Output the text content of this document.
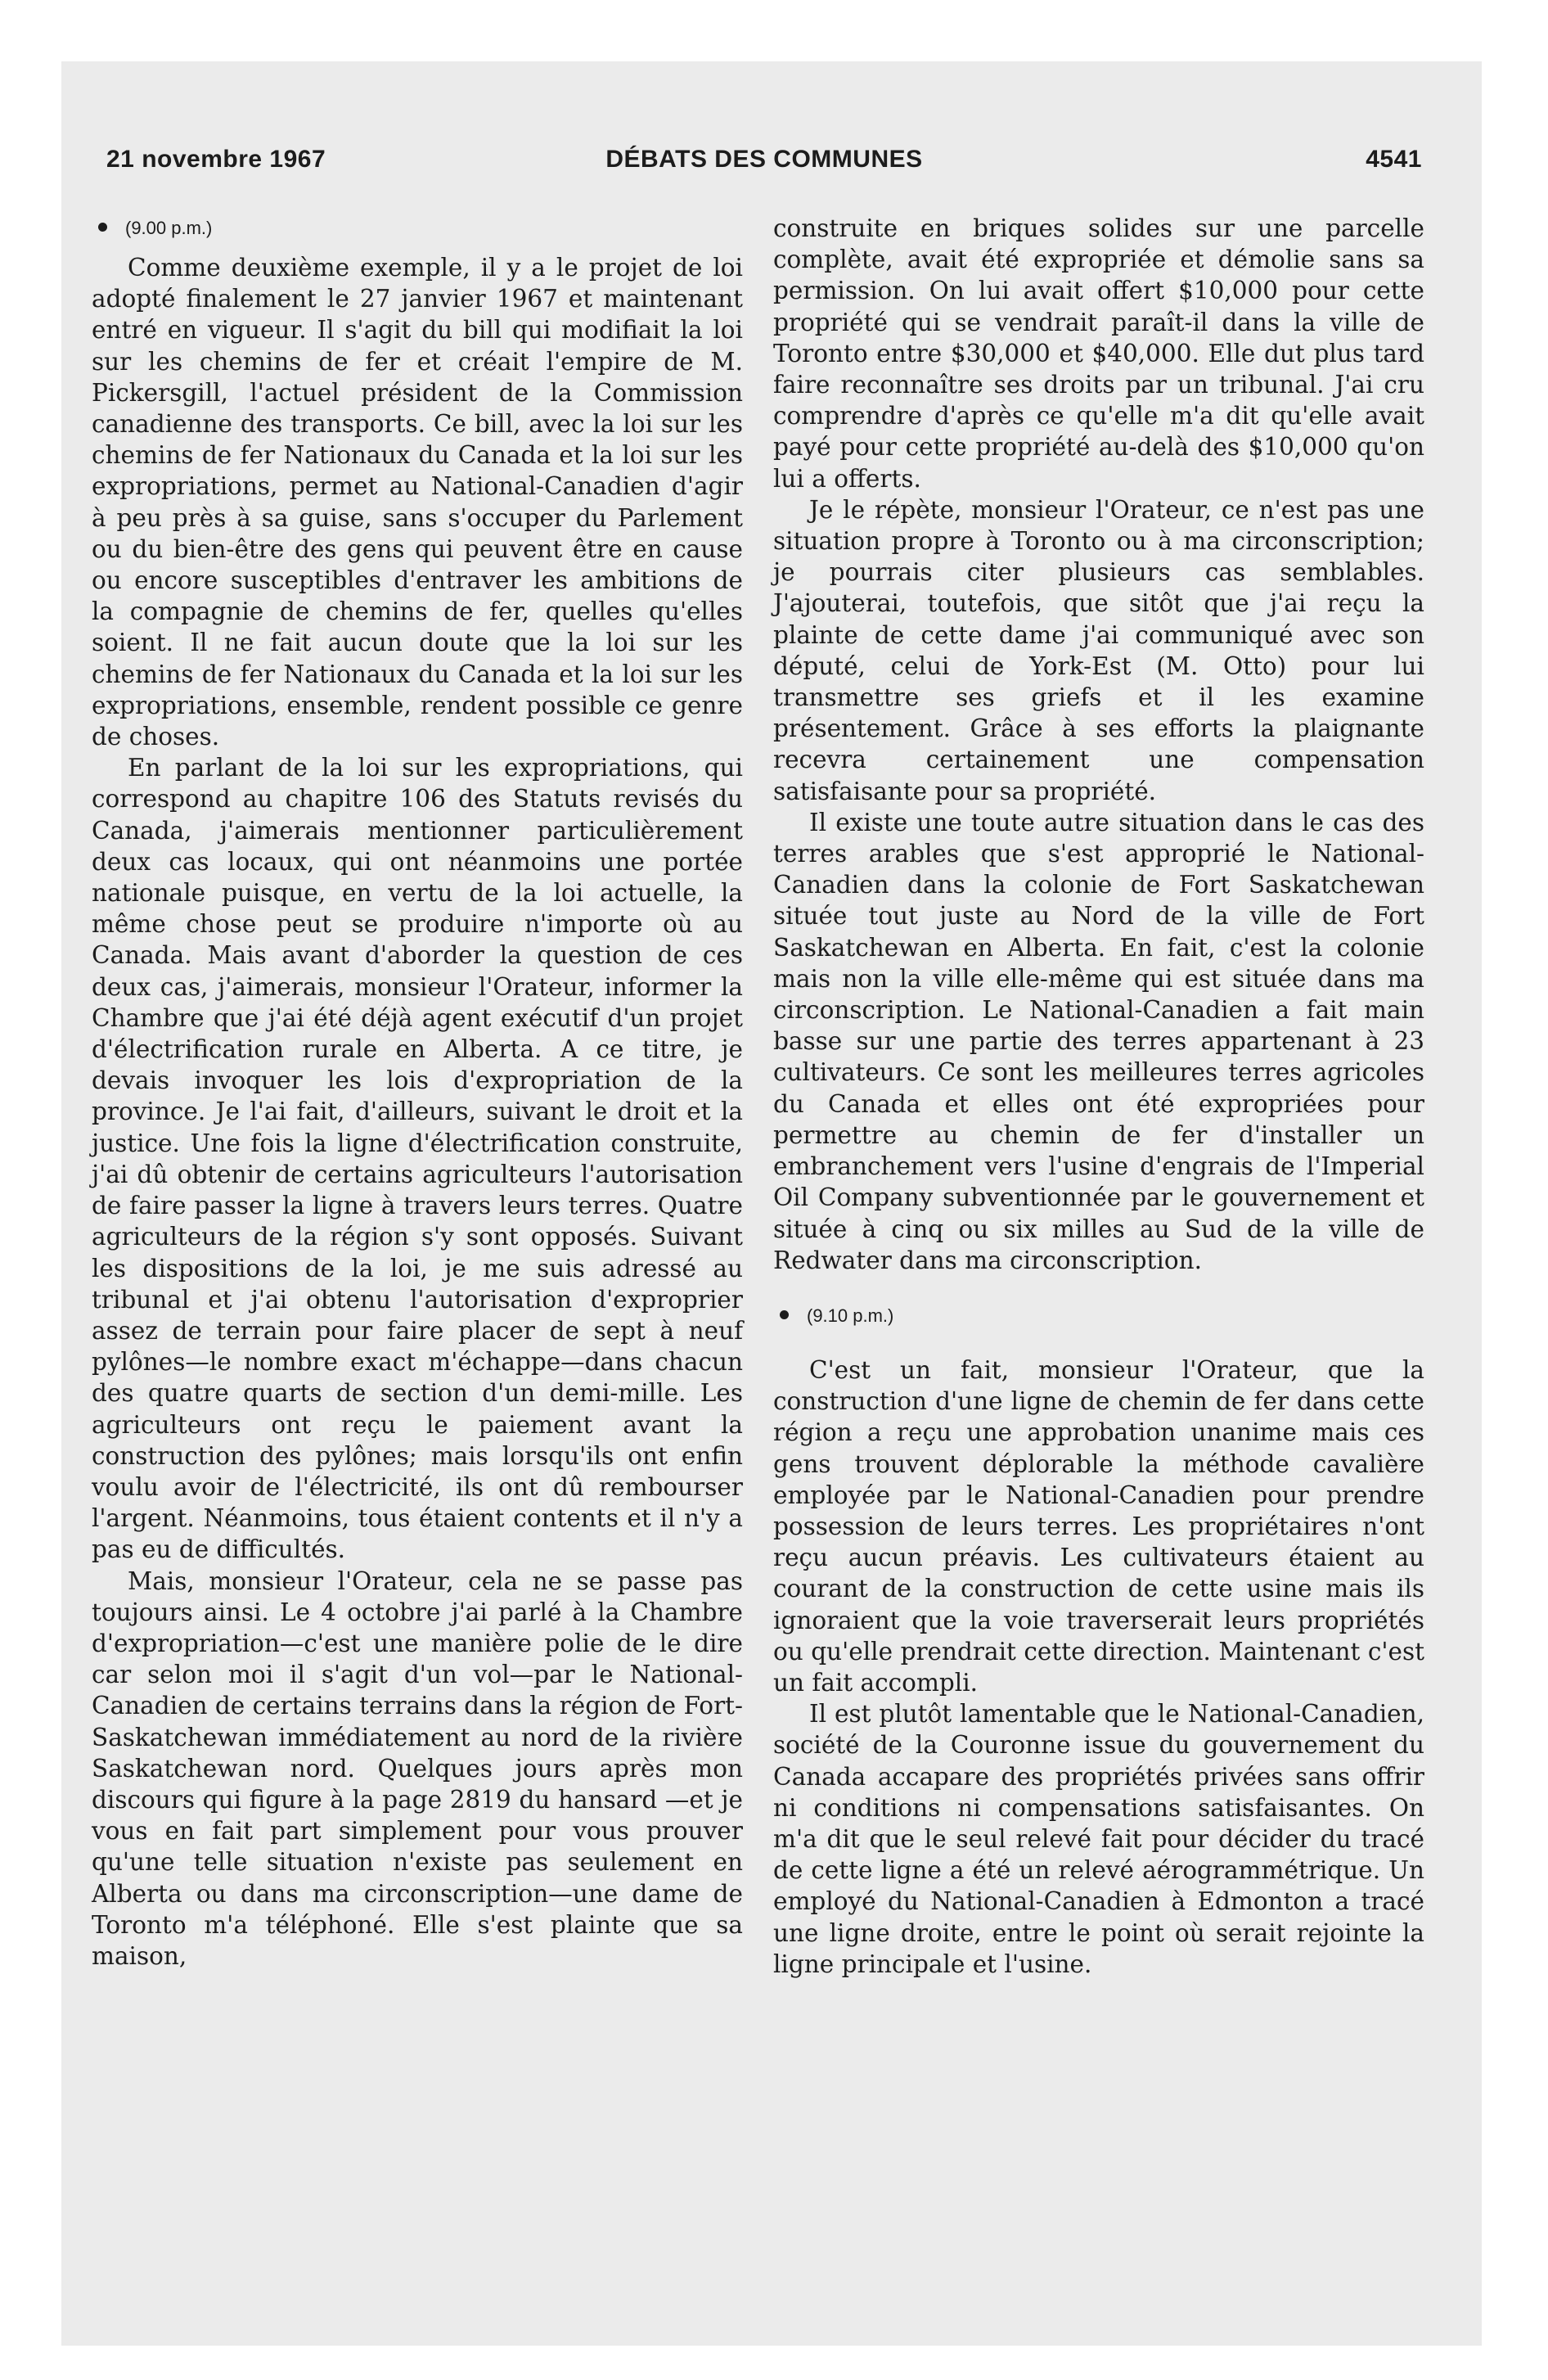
21 novembre 1967	DÉBATS DES COMMUNES	4541
(9.00 p.m.)

Comme deuxième exemple, il y a le projet de loi adopté finalement le 27 janvier 1967 et maintenant entré en vigueur. Il s'agit du bill qui modifiait la loi sur les chemins de fer et créait l'empire de M. Pickersgill, l'actuel président de la Commission canadienne des transports. Ce bill, avec la loi sur les chemins de fer Nationaux du Canada et la loi sur les expropriations, permet au National-Canadien d'agir à peu près à sa guise, sans s'occuper du Parlement ou du bien-être des gens qui peuvent être en cause ou encore susceptibles d'entraver les ambitions de la compagnie de chemins de fer, quelles qu'elles soient. Il ne fait aucun doute que la loi sur les chemins de fer Nationaux du Canada et la loi sur les expropriations, ensemble, rendent possible ce genre de choses.

En parlant de la loi sur les expropriations, qui correspond au chapitre 106 des Statuts revisés du Canada, j'aimerais mentionner particulièrement deux cas locaux, qui ont néanmoins une portée nationale puisque, en vertu de la loi actuelle, la même chose peut se produire n'importe où au Canada. Mais avant d'aborder la question de ces deux cas, j'aimerais, monsieur l'Orateur, informer la Chambre que j'ai été déjà agent exécutif d'un projet d'électrification rurale en Alberta. A ce titre, je devais invoquer les lois d'expropriation de la province. Je l'ai fait, d'ailleurs, suivant le droit et la justice. Une fois la ligne d'électrification construite, j'ai dû obtenir de certains agriculteurs l'autorisation de faire passer la ligne à travers leurs terres. Quatre agriculteurs de la région s'y sont opposés. Suivant les dispositions de la loi, je me suis adressé au tribunal et j'ai obtenu l'autorisation d'exproprier assez de terrain pour faire placer de sept à neuf pylônes—le nombre exact m'échappe—dans chacun des quatre quarts de section d'un demi-mille. Les agriculteurs ont reçu le paiement avant la construction des pylônes; mais lorsqu'ils ont enfin voulu avoir de l'électricité, ils ont dû rembourser l'argent. Néanmoins, tous étaient contents et il n'y a pas eu de difficultés.

Mais, monsieur l'Orateur, cela ne se passe pas toujours ainsi. Le 4 octobre j'ai parlé à la Chambre d'expropriation—c'est une manière polie de le dire car selon moi il s'agit d'un vol—par le National-Canadien de certains terrains dans la région de Fort-Saskatchewan immédiatement au nord de la rivière Saskatchewan nord. Quelques jours après mon discours qui figure à la page 2819 du hansard —et je vous en fait part simplement pour vous prouver qu'une telle situation n'existe pas seulement en Alberta ou dans ma circonscription—une dame de Toronto m'a téléphoné. Elle s'est plainte que sa maison,

construite en briques solides sur une parcelle complète, avait été expropriée et démolie sans sa permission. On lui avait offert $10,000 pour cette propriété qui se vendrait paraît-il dans la ville de Toronto entre $30,000 et $40,000. Elle dut plus tard faire reconnaître ses droits par un tribunal. J'ai cru comprendre d'après ce qu'elle m'a dit qu'elle avait payé pour cette propriété au-delà des $10,000 qu'on lui a offerts.

Je le répète, monsieur l'Orateur, ce n'est pas une situation propre à Toronto ou à ma circonscription; je pourrais citer plusieurs cas semblables. J'ajouterai, toutefois, que sitôt que j'ai reçu la plainte de cette dame j'ai communiqué avec son député, celui de York-Est (M. Otto) pour lui transmettre ses griefs et il les examine présentement. Grâce à ses efforts la plaignante recevra certainement une compensation satisfaisante pour sa propriété.

Il existe une toute autre situation dans le cas des terres arables que s'est approprié le National-Canadien dans la colonie de Fort Saskatchewan située tout juste au Nord de la ville de Fort Saskatchewan en Alberta. En fait, c'est la colonie mais non la ville elle-même qui est située dans ma circonscription. Le National-Canadien a fait main basse sur une partie des terres appartenant à 23 cultivateurs. Ce sont les meilleures terres agricoles du Canada et elles ont été expropriées pour permettre au chemin de fer d'installer un embranchement vers l'usine d'engrais de l'Imperial Oil Company subventionnée par le gouvernement et située à cinq ou six milles au Sud de la ville de Redwater dans ma circonscription.

(9.10 p.m.)

C'est un fait, monsieur l'Orateur, que la construction d'une ligne de chemin de fer dans cette région a reçu une approbation unanime mais ces gens trouvent déplorable la méthode cavalière employée par le National-Canadien pour prendre possession de leurs terres. Les propriétaires n'ont reçu aucun préavis. Les cultivateurs étaient au courant de la construction de cette usine mais ils ignoraient que la voie traverserait leurs propriétés ou qu'elle prendrait cette direction. Maintenant c'est un fait accompli.

Il est plutôt lamentable que le National-Canadien, société de la Couronne issue du gouvernement du Canada accapare des propriétés privées sans offrir ni conditions ni compensations satisfaisantes. On m'a dit que le seul relevé fait pour décider du tracé de cette ligne a été un relevé aérogrammétrique. Un employé du National-Canadien à Edmonton a tracé une ligne droite, entre le point où serait rejointe la ligne principale et l'usine.
